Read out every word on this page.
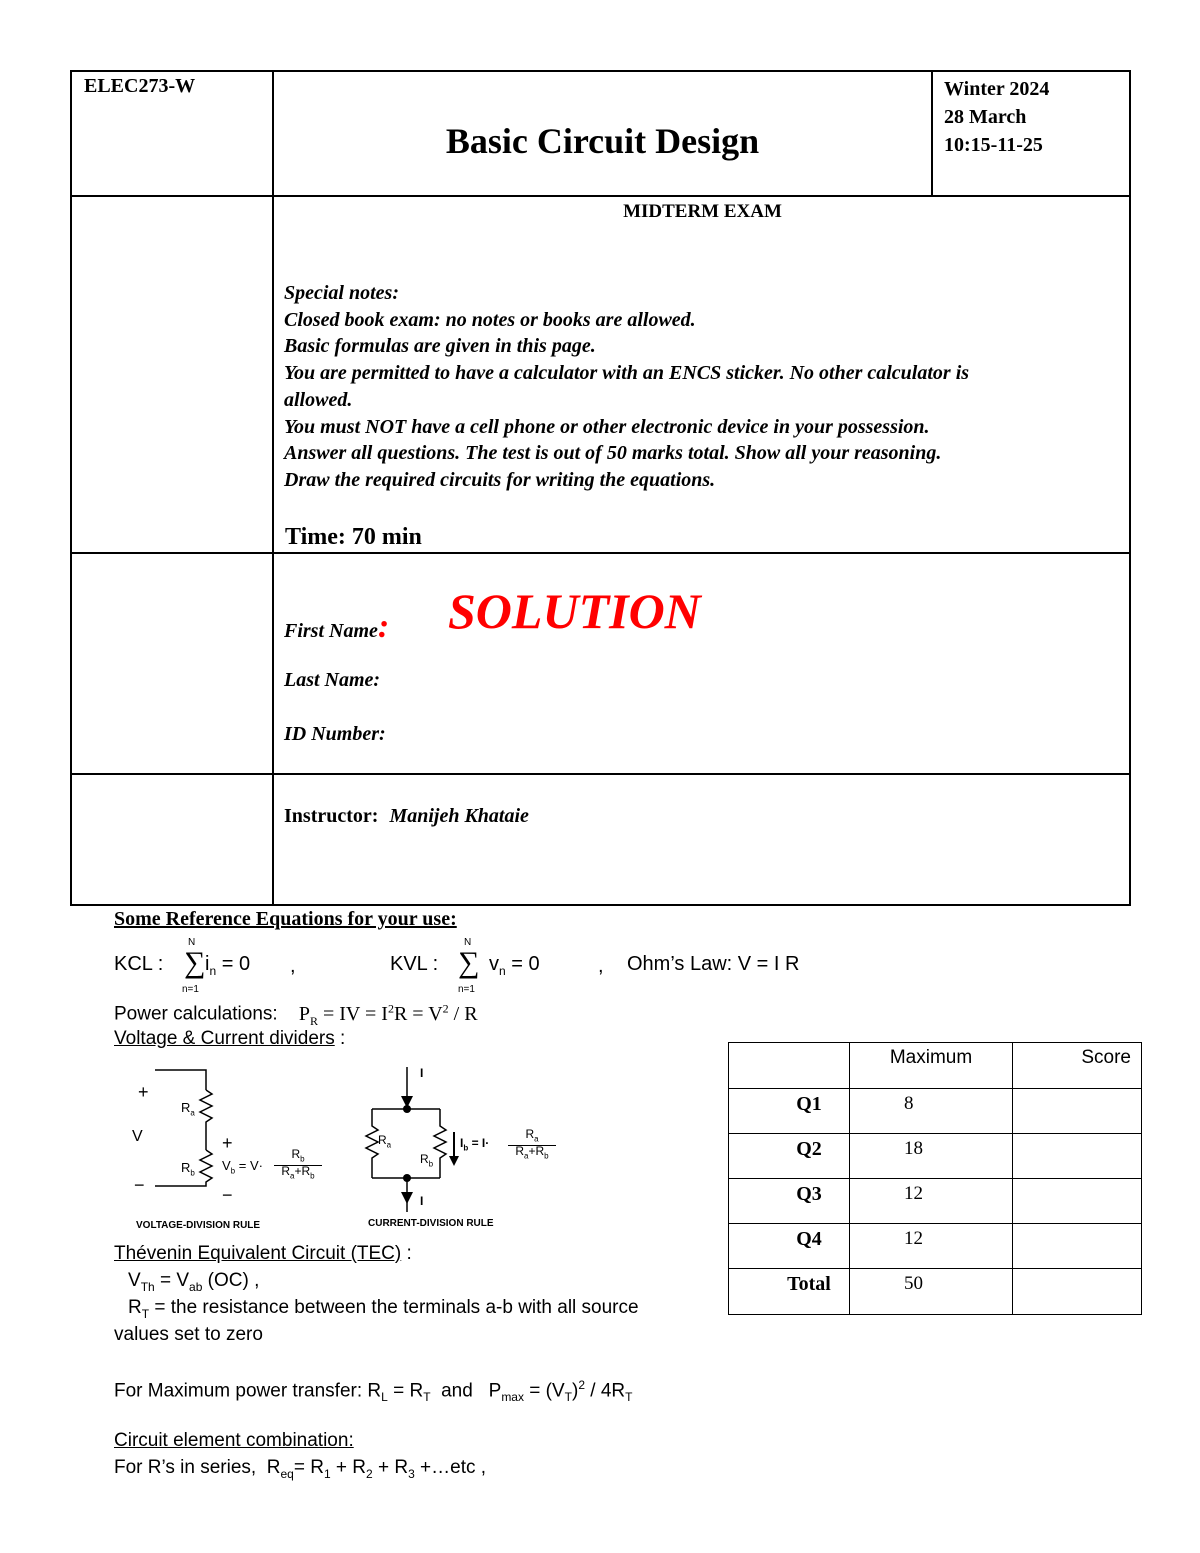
ELEC273-W
Basic Circuit Design
Winter 2024
28 March
10:15-11-25
MIDTERM EXAM
Special notes:
Closed book exam: no notes or books are allowed.
Basic formulas are given in this page.
You are permitted to have a calculator with an ENCS sticker. No other calculator is
allowed.
You must NOT have a cell phone or other electronic device in your possession.
Answer all questions. The test is out of 50 marks total. Show all your reasoning.
Draw the required circuits for writing the equations.
Time: 70 min
First Name: SOLUTION
Last Name:
ID Number:
Instructor: Manijeh Khataie
Some Reference Equations for your use:
KCL : ∑
N
n=1
$i_n = 0$ ,	KVL : ∑
N
n=1
$v_n = 0$	, Ohm’s Law: V = I R
Power calculations: $P_R$ = IV = $I^2R = V^2 / R$
Voltage & Current dividers :
+
V
−
$R_a$
$R_b$
+
−
$V_b = V\cdot$
$R_b$
$R_a+R_b$
VOLTAGE-DIVISION RULE
I
I
$R_a$
$R_b$
$I_b = I\cdot$
$R_a$
$R_a+R_b$
CURRENT-DIVISION RULE
Thévenin Equivalent Circuit (TEC) :
$V_{Th} = V_{ab}$ (OC) ,
$R_T$ = the resistance between the terminals a-b with all source
values set to zero
For Maximum power transfer: $R_L = R_T$  and   $P_{max} = (V_T)^2 / 4R_T$
Circuit element combination:
For R’s in series,  $R_{eq}= R_1 + R_2 + R_3$ +…etc ,
	Maximum	Score
Q1	8	
Q2	18	
Q3	12	
Q4	12	
Total	50	
